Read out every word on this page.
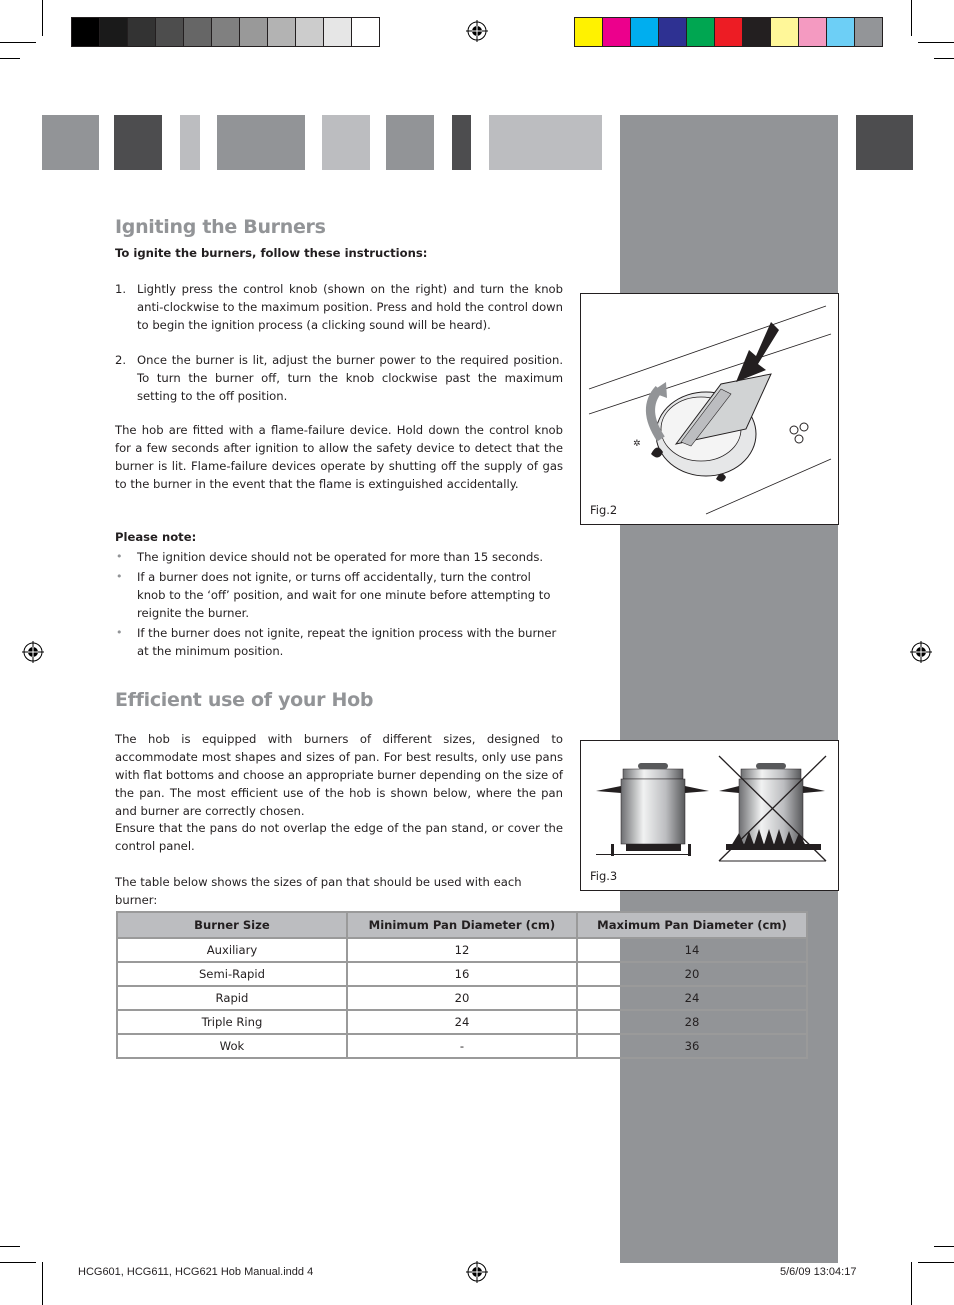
Igniting the Burners

To ignite the burners, follow these instructions:

1. Lightly press the control knob (shown on the right) and turn the knob anti-clockwise to the maximum position. Press and hold the control down to begin the ignition process (a clicking sound will be heard).

2. Once the burner is lit, adjust the burner power to the required position. To turn the burner off, turn the knob clockwise past the maximum setting to the off position.

The hob are fitted with a flame-failure device. Hold down the control knob for a few seconds after ignition to allow the safety device to detect that the burner is lit. Flame-failure devices operate by shutting off the supply of gas to the burner in the event that the flame is extinguished accidentally.

Please note:

• The ignition device should not be operated for more than 15 seconds.

• If a burner does not ignite, or turns off accidentally, turn the control knob to the ‘off’ position, and wait for one minute before attempting to reignite the burner.

• If the burner does not ignite, repeat the ignition process with the burner at the minimum position.

✲
Fig.2
Efficient use of your Hob

The hob is equipped with burners of different sizes, designed to accommodate most shapes and sizes of pan. For best results, only use pans with flat bottoms and choose an appropriate burner depending on the size of the pan. The most efficient use of the hob is shown below, where the pan and burner are correctly chosen.

Ensure that the pans do not overlap the edge of the pan stand, or cover the control panel.

The table below shows the sizes of pan that should be used with each burner:

Fig.3
Burner Size	Minimum Pan Diameter (cm)	Maximum Pan Diameter (cm)
Auxiliary	12	14
Semi-Rapid	16	20
Rapid	20	24
Triple Ring	24	28
Wok	-	36
HCG601, HCG611, HCG621 Hob Manual.indd 4	5/6/09 13:04:17
